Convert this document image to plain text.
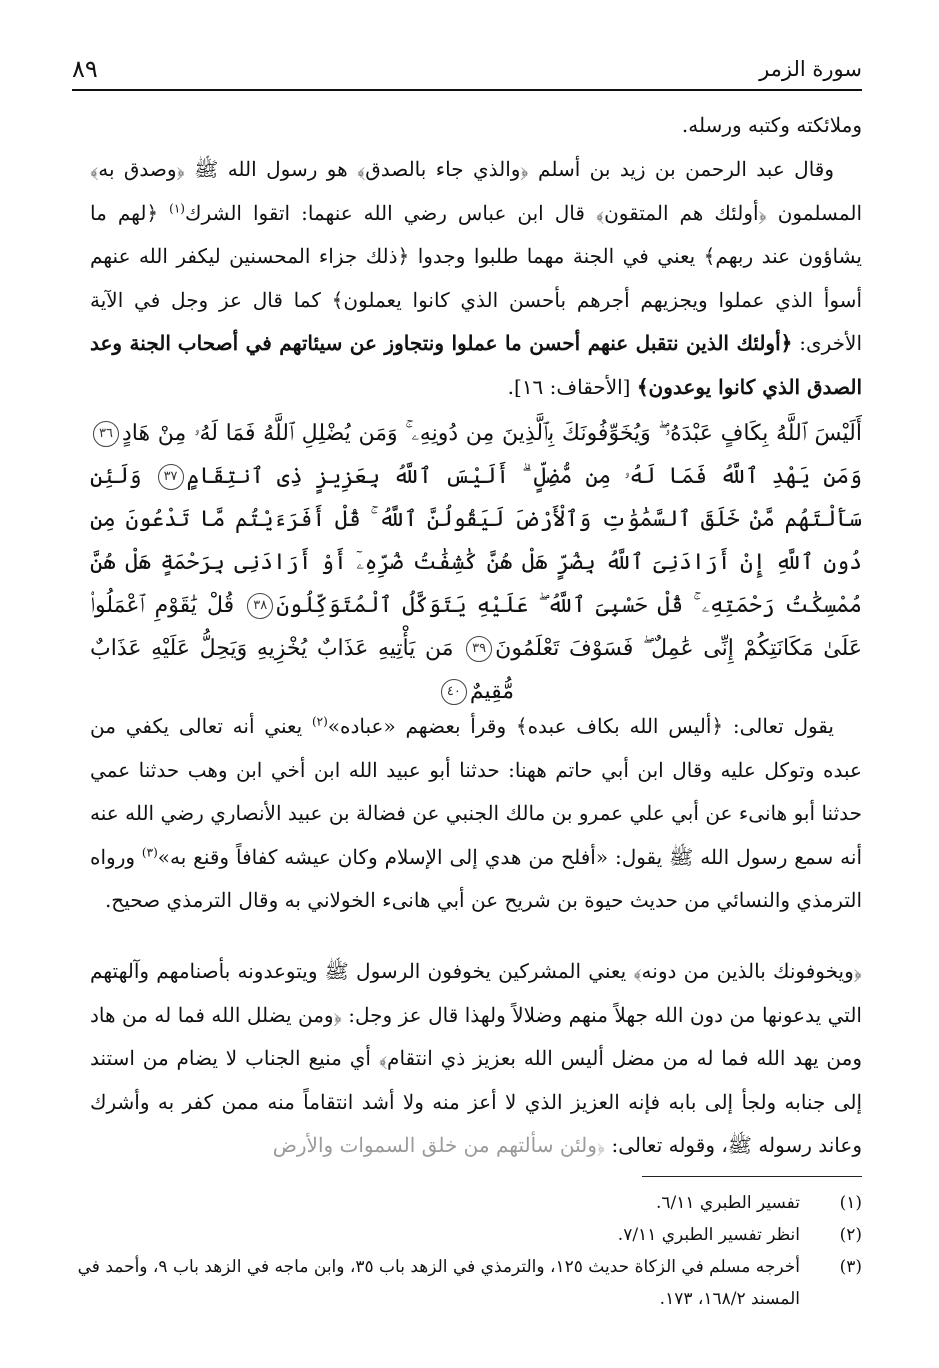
سورة الزمر
٨٩
وملائكته وكتبه ورسله.
وقال عبد الرحمن بن زيد بن أسلم ﴿والذي جاء بالصدق﴾ هو رسول الله ﷺ ﴿وصدق به﴾ المسلمون ﴿أولئك هم المتقون﴾ قال ابن عباس رضي الله عنهما: اتقوا الشرك$^{(١)}$ ﴿لهم ما يشاؤون عند ربهم﴾ يعني في الجنة مهما طلبوا وجدوا ﴿ذلك جزاء المحسنين ليكفر الله عنهم أسوأ الذي عملوا ويجزيهم أجرهم بأحسن الذي كانوا يعملون﴾ كما قال عز وجل في الآية الأخرى: ﴿أولئك الذين نتقبل عنهم أحسن ما عملوا ونتجاوز عن سيئاتهم في أصحاب الجنة وعد الصدق الذي كانوا يوعدون﴾ [الأحقاف: ١٦].
أَلَيْسَ ٱللَّهُ بِكَافٍ عَبْدَهُۥ ۖ وَيُخَوِّفُونَكَ بِٱلَّذِينَ مِن دُونِهِۦ ۚ وَمَن يُضْلِلِ ٱللَّهُ فَمَا لَهُۥ مِنْ هَادٍ٣٦ وَمَن يَهْدِ ٱللَّهُ فَمَا لَهُۥ مِن مُّضِلٍّ ۗ أَلَيْسَ ٱللَّهُ بِعَزِيزٍ ذِى ٱنتِقَامٍ٣٧ وَلَئِن سَأَلْتَهُم مَّنْ خَلَقَ ٱلسَّمَٰوَٰتِ وَٱلْأَرْضَ لَيَقُولُنَّ ٱللَّهُ ۚ قُلْ أَفَرَءَيْتُم مَّا تَدْعُونَ مِن دُونِ ٱللَّهِ إِنْ أَرَادَنِىَ ٱللَّهُ بِضُرٍّ هَلْ هُنَّ كَٰشِفَٰتُ ضُرِّهِۦٓ أَوْ أَرَادَنِى بِرَحْمَةٍ هَلْ هُنَّ مُمْسِكَٰتُ رَحْمَتِهِۦ ۚ قُلْ حَسْبِىَ ٱللَّهُ ۖ عَلَيْهِ يَتَوَكَّلُ ٱلْمُتَوَكِّلُونَ٣٨ قُلْ يَٰقَوْمِ ٱعْمَلُوا۟ عَلَىٰ مَكَانَتِكُمْ إِنِّى عَٰمِلٌ ۖ فَسَوْفَ تَعْلَمُونَ٣٩ مَن يَأْتِيهِ عَذَابٌ يُخْزِيهِ وَيَحِلُّ عَلَيْهِ عَذَابٌ مُّقِيمٌ٤٠
يقول تعالى: ﴿أليس الله بكاف عبده﴾ وقرأ بعضهم «عباده»$^{(٢)}$ يعني أنه تعالى يكفي من عبده وتوكل عليه وقال ابن أبي حاتم ههنا: حدثنا أبو عبيد الله ابن أخي ابن وهب حدثنا عمي حدثنا أبو هانىء عن أبي علي عمرو بن مالك الجنبي عن فضالة بن عبيد الأنصاري رضي الله عنه أنه سمع رسول الله ﷺ يقول: «أفلح من هدي إلى الإسلام وكان عيشه كفافاً وقنع به»$^{(٣)}$ ورواه الترمذي والنسائي من حديث حيوة بن شريح عن أبي هانىء الخولاني به وقال الترمذي صحيح.
﴿ويخوفونك بالذين من دونه﴾ يعني المشركين يخوفون الرسول ﷺ ويتوعدونه بأصنامهم وآلهتهم التي يدعونها من دون الله جهلاً منهم وضلالاً ولهذا قال عز وجل: ﴿ومن يضلل الله فما له من هاد ومن يهد الله فما له من مضل أليس الله بعزيز ذي انتقام﴾ أي منيع الجناب لا يضام من استند إلى جنابه ولجأ إلى بابه فإنه العزيز الذي لا أعز منه ولا أشد انتقاماً منه ممن كفر به وأشرك وعاند رسوله ﷺ، وقوله تعالى: ﴿ولئن سألتهم من خلق السموات والأرض
(١)
تفسير الطبري ٦/١١.
(٢)
انظر تفسير الطبري ٧/١١.
(٣)
أخرجه مسلم في الزكاة حديث ١٢٥، والترمذي في الزهد باب ٣٥، وابن ماجه في الزهد باب ٩، وأحمد في المسند ١٦٨/٢، ١٧٣.
